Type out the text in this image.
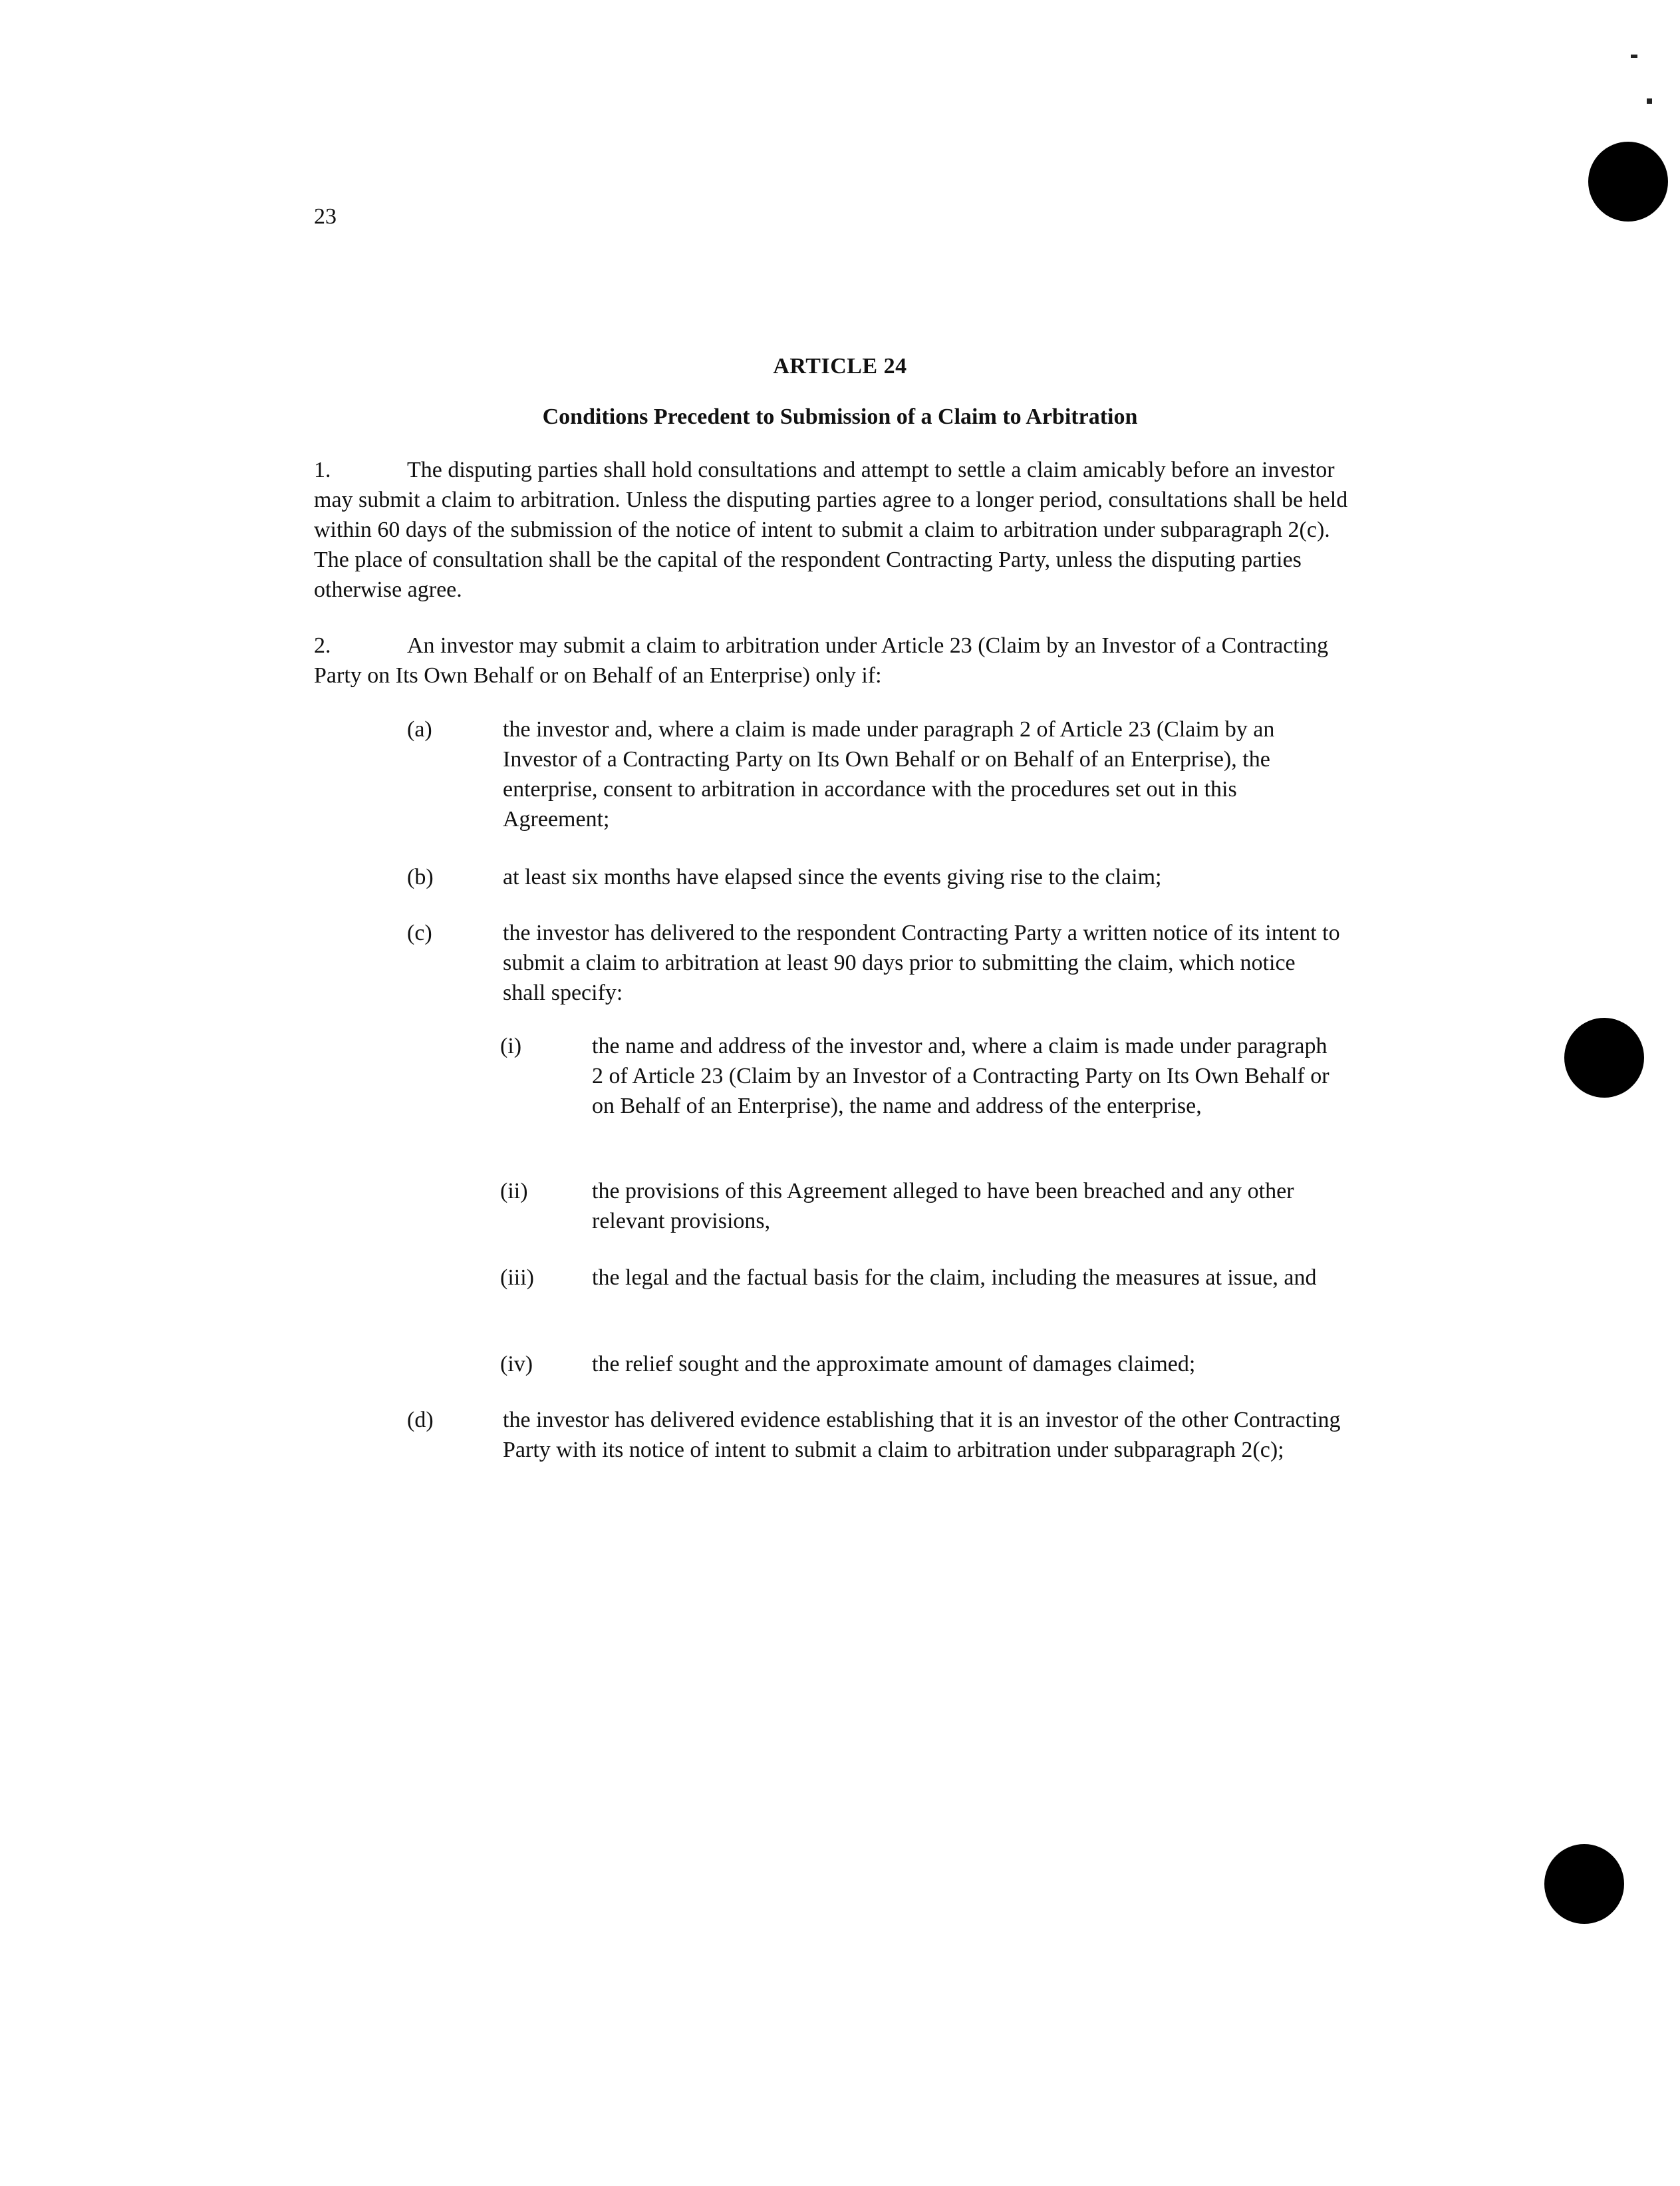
23
ARTICLE 24
Conditions Precedent to Submission of a Claim to Arbitration
1.	The disputing parties shall hold consultations and attempt to settle a claim amicably before an investor may submit a claim to arbitration. Unless the disputing parties agree to a longer period, consultations shall be held within 60 days of the submission of the notice of intent to submit a claim to arbitration under subparagraph 2(c). The place of consultation shall be the capital of the respondent Contracting Party, unless the disputing parties otherwise agree.
2.	An investor may submit a claim to arbitration under Article 23 (Claim by an Investor of a Contracting Party on Its Own Behalf or on Behalf of an Enterprise) only if:
(a)	the investor and, where a claim is made under paragraph 2 of Article 23 (Claim by an Investor of a Contracting Party on Its Own Behalf or on Behalf of an Enterprise), the enterprise, consent to arbitration in accordance with the procedures set out in this Agreement;
(b)	at least six months have elapsed since the events giving rise to the claim;
(c)	the investor has delivered to the respondent Contracting Party a written notice of its intent to submit a claim to arbitration at least 90 days prior to submitting the claim, which notice shall specify:
(i)	the name and address of the investor and, where a claim is made under paragraph 2 of Article 23 (Claim by an Investor of a Contracting Party on Its Own Behalf or on Behalf of an Enterprise), the name and address of the enterprise,
(ii)	the provisions of this Agreement alleged to have been breached and any other relevant provisions,
(iii)	the legal and the factual basis for the claim, including the measures at issue, and
(iv)	the relief sought and the approximate amount of damages claimed;
(d)	the investor has delivered evidence establishing that it is an investor of the other Contracting Party with its notice of intent to submit a claim to arbitration under subparagraph 2(c);
